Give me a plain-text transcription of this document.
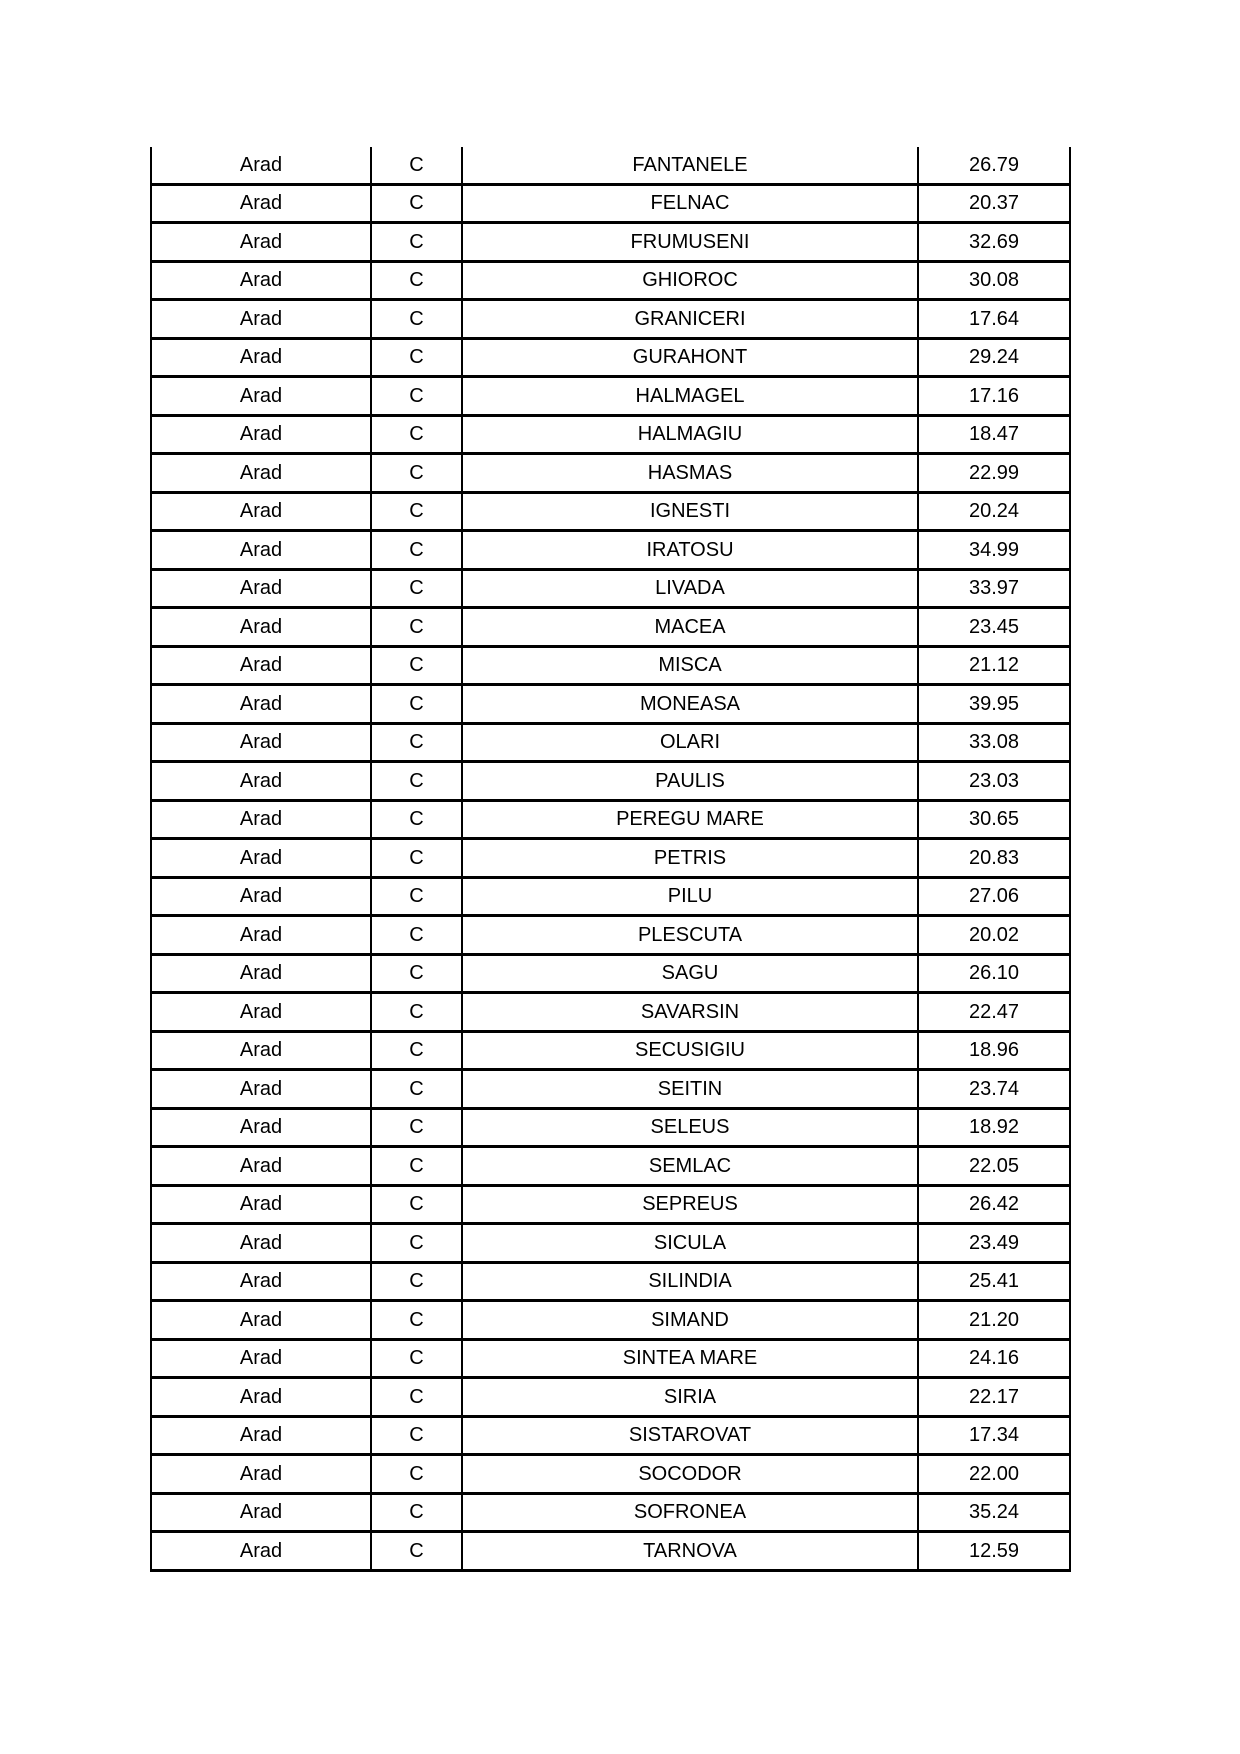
Arad	C	FANTANELE	26.79
Arad	C	FELNAC	20.37
Arad	C	FRUMUSENI	32.69
Arad	C	GHIOROC	30.08
Arad	C	GRANICERI	17.64
Arad	C	GURAHONT	29.24
Arad	C	HALMAGEL	17.16
Arad	C	HALMAGIU	18.47
Arad	C	HASMAS	22.99
Arad	C	IGNESTI	20.24
Arad	C	IRATOSU	34.99
Arad	C	LIVADA	33.97
Arad	C	MACEA	23.45
Arad	C	MISCA	21.12
Arad	C	MONEASA	39.95
Arad	C	OLARI	33.08
Arad	C	PAULIS	23.03
Arad	C	PEREGU MARE	30.65
Arad	C	PETRIS	20.83
Arad	C	PILU	27.06
Arad	C	PLESCUTA	20.02
Arad	C	SAGU	26.10
Arad	C	SAVARSIN	22.47
Arad	C	SECUSIGIU	18.96
Arad	C	SEITIN	23.74
Arad	C	SELEUS	18.92
Arad	C	SEMLAC	22.05
Arad	C	SEPREUS	26.42
Arad	C	SICULA	23.49
Arad	C	SILINDIA	25.41
Arad	C	SIMAND	21.20
Arad	C	SINTEA MARE	24.16
Arad	C	SIRIA	22.17
Arad	C	SISTAROVAT	17.34
Arad	C	SOCODOR	22.00
Arad	C	SOFRONEA	35.24
Arad	C	TARNOVA	12.59
